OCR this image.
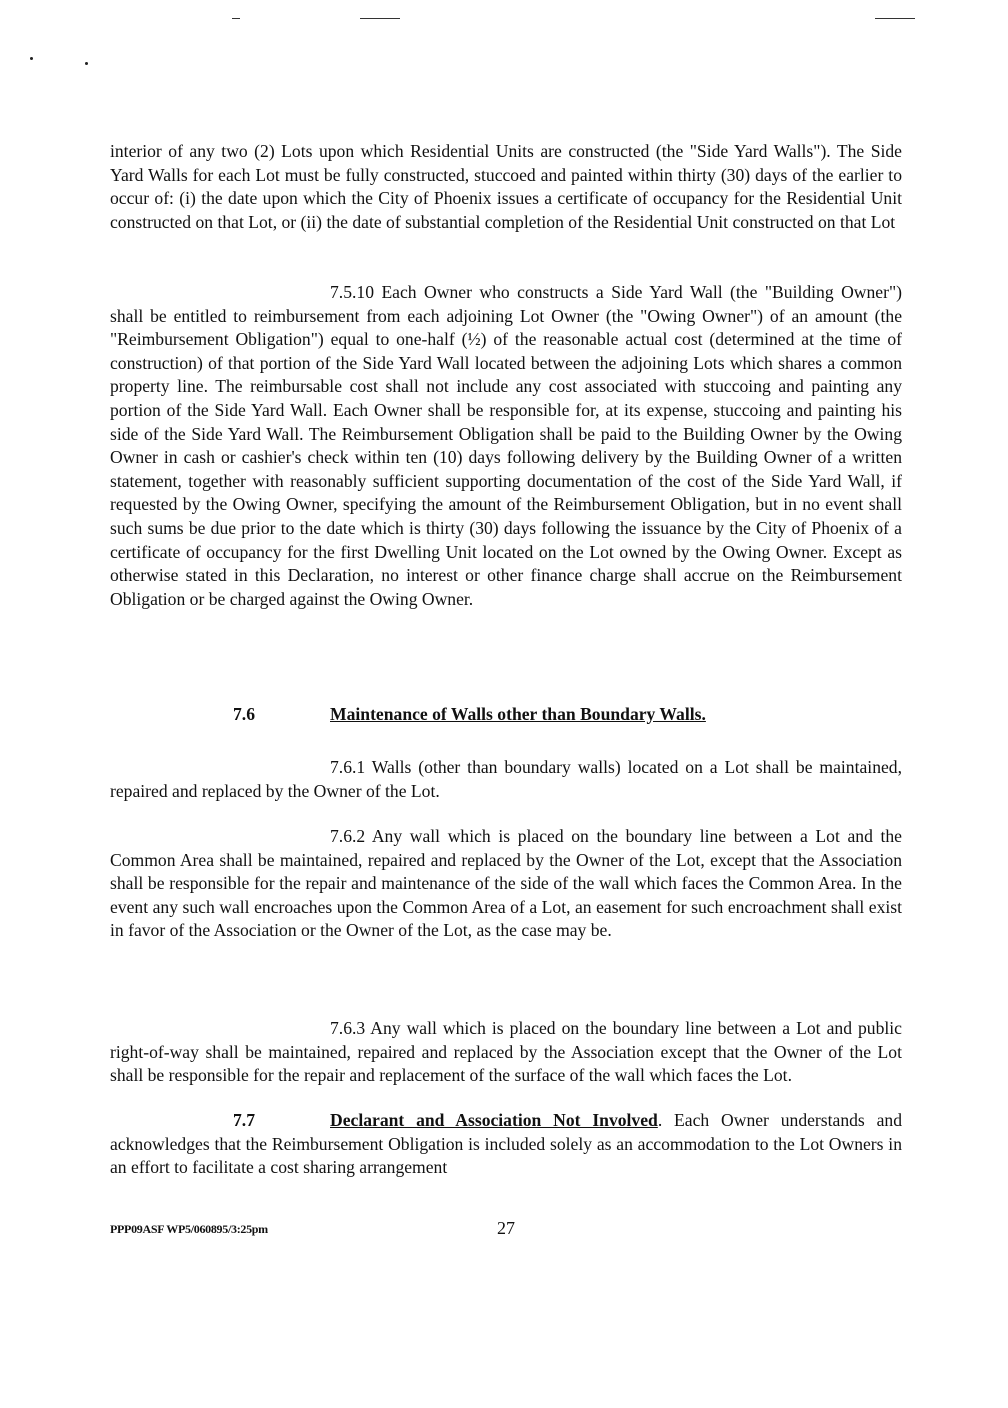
interior of any two (2) Lots upon which Residential Units are constructed (the "Side Yard Walls"). The Side Yard Walls for each Lot must be fully constructed, stuccoed and painted within thirty (30) days of the earlier to occur of: (i) the date upon which the City of Phoenix issues a certificate of occupancy for the Residential Unit constructed on that Lot, or (ii) the date of substantial completion of the Residential Unit constructed on that Lot

7.5.10 Each Owner who constructs a Side Yard Wall (the "Building Owner") shall be entitled to reimbursement from each adjoining Lot Owner (the "Owing Owner") of an amount (the "Reimbursement Obligation") equal to one-half (½) of the reasonable actual cost (determined at the time of construction) of that portion of the Side Yard Wall located between the adjoining Lots which shares a common property line. The reimbursable cost shall not include any cost associated with stuccoing and painting any portion of the Side Yard Wall. Each Owner shall be responsible for, at its expense, stuccoing and painting his side of the Side Yard Wall. The Reimbursement Obligation shall be paid to the Building Owner by the Owing Owner in cash or cashier's check within ten (10) days following delivery by the Building Owner of a written statement, together with reasonably sufficient supporting documentation of the cost of the Side Yard Wall, if requested by the Owing Owner, specifying the amount of the Reimbursement Obligation, but in no event shall such sums be due prior to the date which is thirty (30) days following the issuance by the City of Phoenix of a certificate of occupancy for the first Dwelling Unit located on the Lot owned by the Owing Owner. Except as otherwise stated in this Declaration, no interest or other finance charge shall accrue on the Reimbursement Obligation or be charged against the Owing Owner.

7.6	Maintenance of Walls other than Boundary Walls.

7.6.1 Walls (other than boundary walls) located on a Lot shall be maintained, repaired and replaced by the Owner of the Lot.

7.6.2 Any wall which is placed on the boundary line between a Lot and the Common Area shall be maintained, repaired and replaced by the Owner of the Lot, except that the Association shall be responsible for the repair and maintenance of the side of the wall which faces the Common Area. In the event any such wall encroaches upon the Common Area of a Lot, an easement for such encroachment shall exist in favor of the Association or the Owner of the Lot, as the case may be.

7.6.3 Any wall which is placed on the boundary line between a Lot and public right-of-way shall be maintained, repaired and replaced by the Association except that the Owner of the Lot shall be responsible for the repair and replacement of the surface of the wall which faces the Lot.

7.7	Declarant and Association Not Involved. Each Owner understands and acknowledges that the Reimbursement Obligation is included solely as an accommodation to the Lot Owners in an effort to facilitate a cost sharing arrangement

PPP09ASF WP5/060895/3:25pm	27
